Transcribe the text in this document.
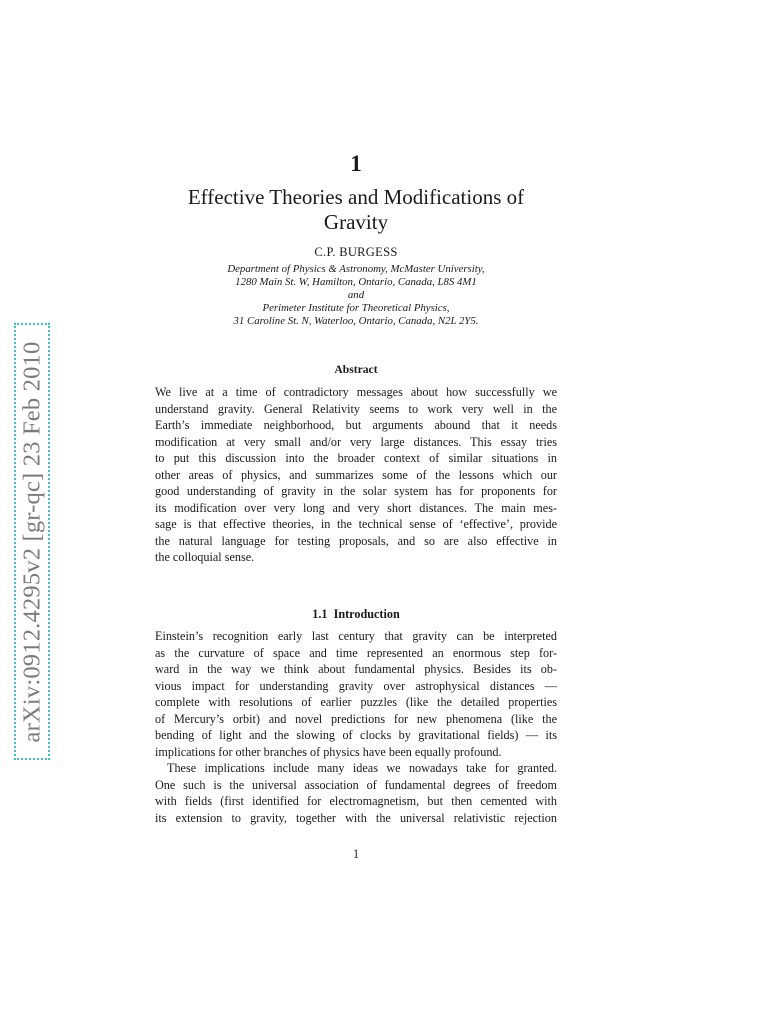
arXiv:0912.4295v2 [gr-qc] 23 Feb 2010
1
Effective Theories and Modifications of
Gravity
C.P. BURGESS
Department of Physics & Astronomy, McMaster University,
1280 Main St. W, Hamilton, Ontario, Canada, L8S 4M1
and
Perimeter Institute for Theoretical Physics,
31 Caroline St. N, Waterloo, Ontario, Canada, N2L 2Y5.
Abstract
We live at a time of contradictory messages about how successfully we
understand gravity. General Relativity seems to work very well in the
Earth’s immediate neighborhood, but arguments abound that it needs
modification at very small and/or very large distances. This essay tries
to put this discussion into the broader context of similar situations in
other areas of physics, and summarizes some of the lessons which our
good understanding of gravity in the solar system has for proponents for
its modification over very long and very short distances. The main mes-
sage is that effective theories, in the technical sense of ‘effective’, provide
the natural language for testing proposals, and so are also effective in
the colloquial sense.
1.1 Introduction
Einstein’s recognition early last century that gravity can be interpreted
as the curvature of space and time represented an enormous step for-
ward in the way we think about fundamental physics. Besides its ob-
vious impact for understanding gravity over astrophysical distances —
complete with resolutions of earlier puzzles (like the detailed properties
of Mercury’s orbit) and novel predictions for new phenomena (like the
bending of light and the slowing of clocks by gravitational fields) — its
implications for other branches of physics have been equally profound.
These implications include many ideas we nowadays take for granted.
One such is the universal association of fundamental degrees of freedom
with fields (first identified for electromagnetism, but then cemented with
its extension to gravity, together with the universal relativistic rejection
1
